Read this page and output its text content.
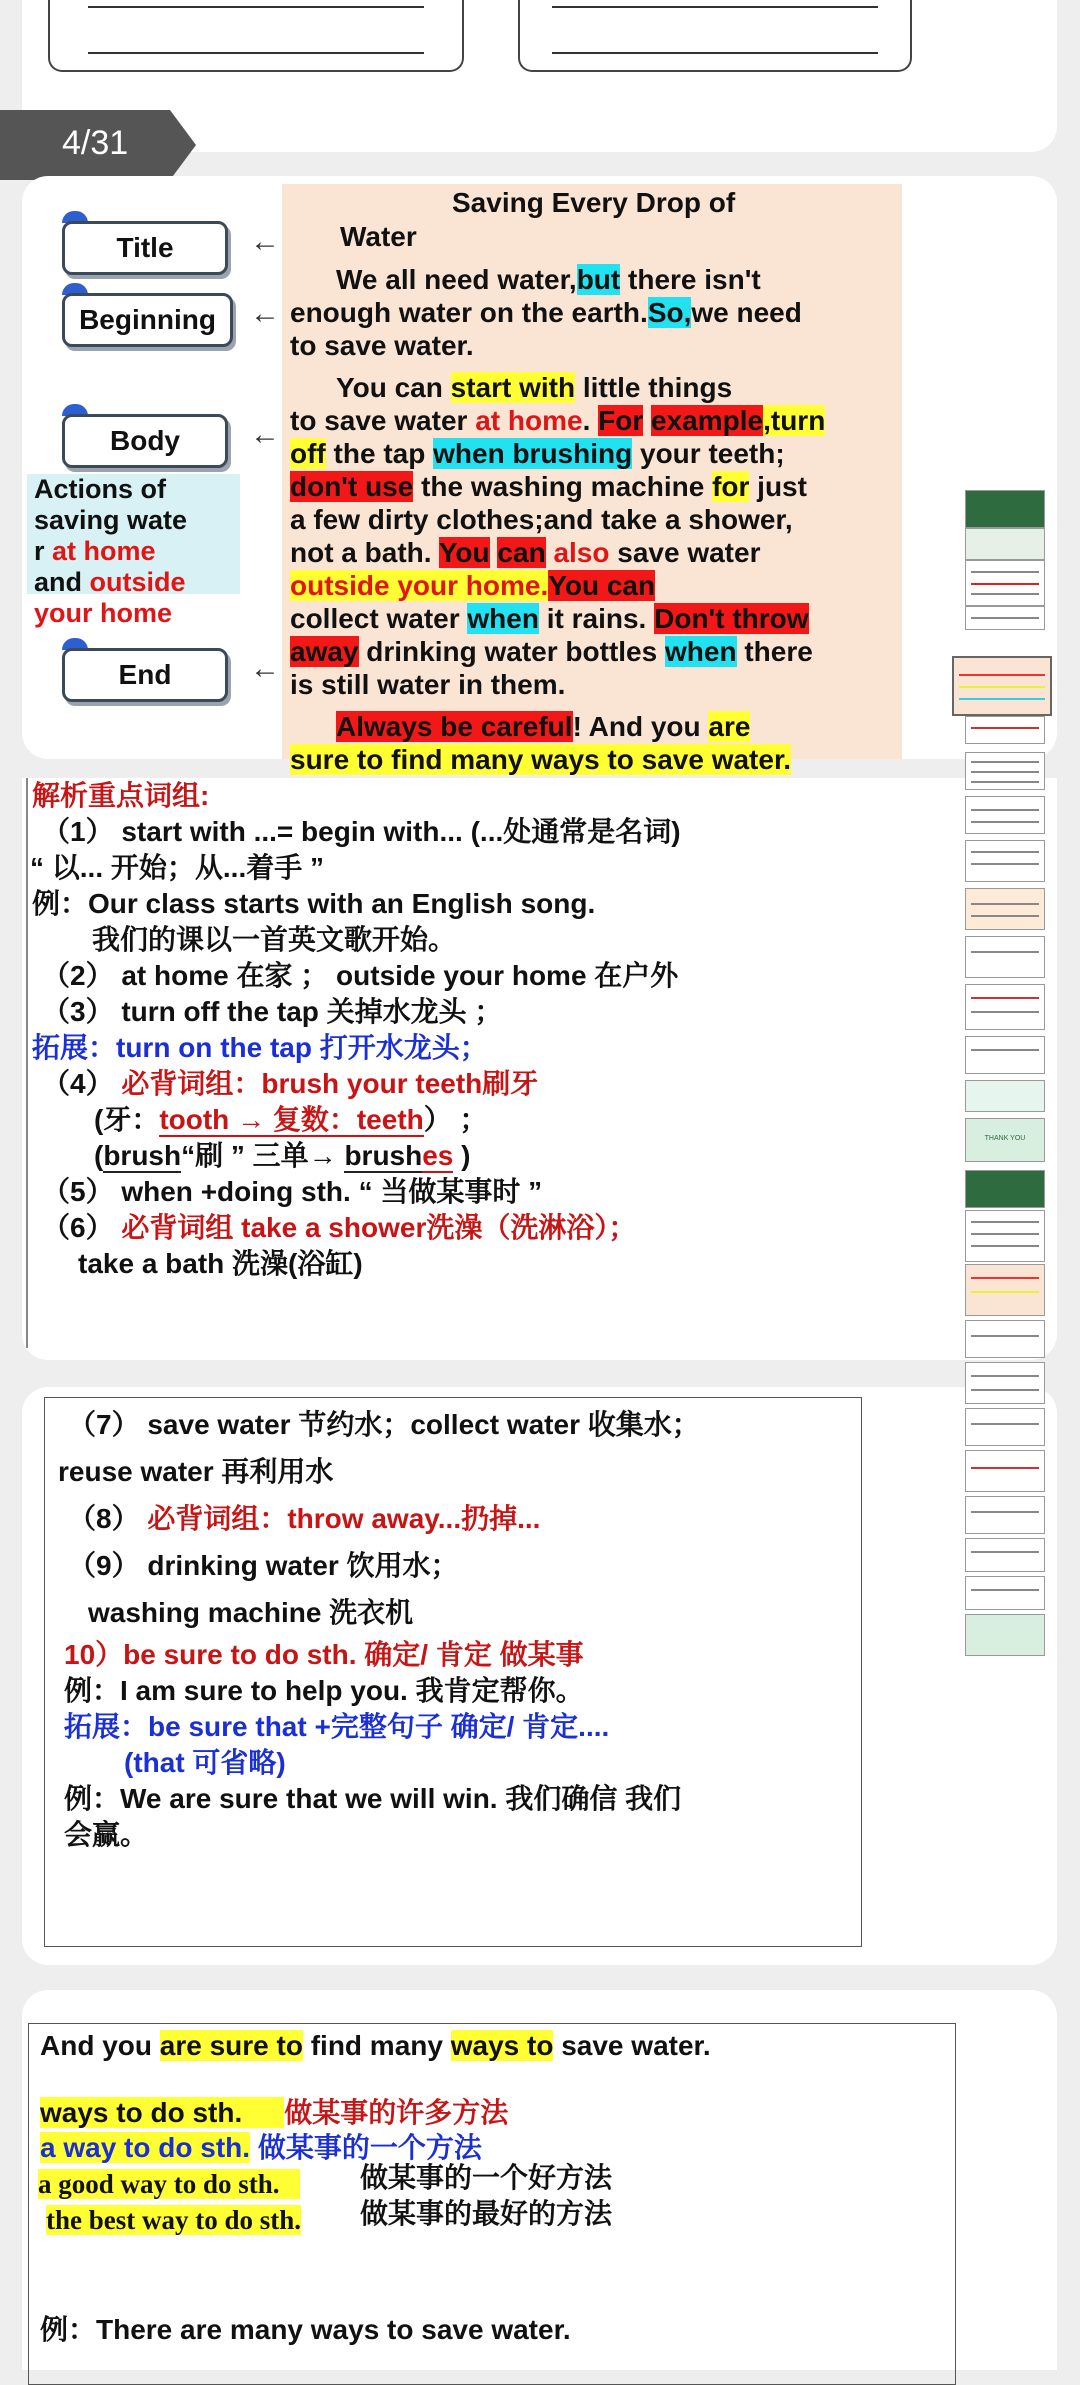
4/31
Title
Beginning
Body
End
Actions of saving wate
r at home
and outside
your home
←
←
←
←
Saving Every Drop of
Water
We all need water,but there isn't
enough water on the earth.So,we need
to save water.
You can start with little things
to save water at home. For example,turn
off the tap when brushing your teeth;
don't use the washing machine for just
a few dirty clothes;and take a shower,
not a bath. You can also save water
outside your home.You can
collect water when it rains. Don't throw
away drinking water bottles when there
is still water in them.
Always be careful! And you are
sure to find many ways to save water.
解析重点词组:
（1） start with ...= begin with... (...处通常是名词)
“ 以... 开始；从...着手 ”
例：Our class starts with an English song.
我们的课以一首英文歌开始。
（2） at home 在家 ； outside your home 在户外
（3） turn off the tap 关掉水龙头 ；
拓展：turn on the tap 打开水龙头；
（4） 必背词组：brush your teeth刷牙
(牙：tooth → 复数：teeth） ；
(brush“刷 ” 三单→ brushes )
（5） when +doing sth. “ 当做某事时 ”
（6） 必背词组 take a shower洗澡（洗淋浴）；
take a bath 洗澡(浴缸)
（7） save water 节约水；collect water 收集水；
reuse water 再利用水
（8） 必背词组：throw away...扔掉...
（9） drinking water 饮用水；
washing machine 洗衣机
10）be sure to do sth. 确定/ 肯定 做某事
例：I am sure to help you. 我肯定帮你。
拓展：be sure that +完整句子 确定/ 肯定....
(that 可省略)
例：We are sure that we will win. 我们确信 我们
会赢。
And you are sure to find many ways to save water.
ways to do sth. 做某事的许多方法
a way to do sth. 做某事的一个方法
a good way to do sth.	做某事的一个好方法
the best way to do sth. 做某事的最好的方法
例：There are many ways to save water.
THANK YOU
